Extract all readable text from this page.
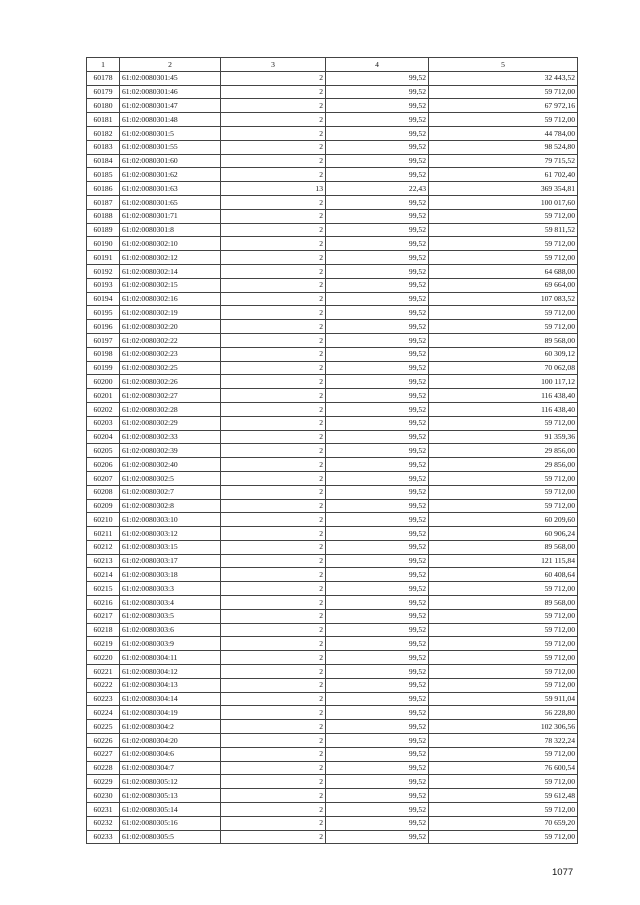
1	2	3	4	5
60178	61:02:0080301:45	2	99,52	32 443,52
60179	61:02:0080301:46	2	99,52	59 712,00
60180	61:02:0080301:47	2	99,52	67 972,16
60181	61:02:0080301:48	2	99,52	59 712,00
60182	61:02:0080301:5	2	99,52	44 784,00
60183	61:02:0080301:55	2	99,52	98 524,80
60184	61:02:0080301:60	2	99,52	79 715,52
60185	61:02:0080301:62	2	99,52	61 702,40
60186	61:02:0080301:63	13	22,43	369 354,81
60187	61:02:0080301:65	2	99,52	100 017,60
60188	61:02:0080301:71	2	99,52	59 712,00
60189	61:02:0080301:8	2	99,52	59 811,52
60190	61:02:0080302:10	2	99,52	59 712,00
60191	61:02:0080302:12	2	99,52	59 712,00
60192	61:02:0080302:14	2	99,52	64 688,00
60193	61:02:0080302:15	2	99,52	69 664,00
60194	61:02:0080302:16	2	99,52	107 083,52
60195	61:02:0080302:19	2	99,52	59 712,00
60196	61:02:0080302:20	2	99,52	59 712,00
60197	61:02:0080302:22	2	99,52	89 568,00
60198	61:02:0080302:23	2	99,52	60 309,12
60199	61:02:0080302:25	2	99,52	70 062,08
60200	61:02:0080302:26	2	99,52	100 117,12
60201	61:02:0080302:27	2	99,52	116 438,40
60202	61:02:0080302:28	2	99,52	116 438,40
60203	61:02:0080302:29	2	99,52	59 712,00
60204	61:02:0080302:33	2	99,52	91 359,36
60205	61:02:0080302:39	2	99,52	29 856,00
60206	61:02:0080302:40	2	99,52	29 856,00
60207	61:02:0080302:5	2	99,52	59 712,00
60208	61:02:0080302:7	2	99,52	59 712,00
60209	61:02:0080302:8	2	99,52	59 712,00
60210	61:02:0080303:10	2	99,52	60 209,60
60211	61:02:0080303:12	2	99,52	60 906,24
60212	61:02:0080303:15	2	99,52	89 568,00
60213	61:02:0080303:17	2	99,52	121 115,84
60214	61:02:0080303:18	2	99,52	60 408,64
60215	61:02:0080303:3	2	99,52	59 712,00
60216	61:02:0080303:4	2	99,52	89 568,00
60217	61:02:0080303:5	2	99,52	59 712,00
60218	61:02:0080303:6	2	99,52	59 712,00
60219	61:02:0080303:9	2	99,52	59 712,00
60220	61:02:0080304:11	2	99,52	59 712,00
60221	61:02:0080304:12	2	99,52	59 712,00
60222	61:02:0080304:13	2	99,52	59 712,00
60223	61:02:0080304:14	2	99,52	59 911,04
60224	61:02:0080304:19	2	99,52	56 228,80
60225	61:02:0080304:2	2	99,52	102 306,56
60226	61:02:0080304:20	2	99,52	78 322,24
60227	61:02:0080304:6	2	99,52	59 712,00
60228	61:02:0080304:7	2	99,52	76 600,54
60229	61:02:0080305:12	2	99,52	59 712,00
60230	61:02:0080305:13	2	99,52	59 612,48
60231	61:02:0080305:14	2	99,52	59 712,00
60232	61:02:0080305:16	2	99,52	70 659,20
60233	61:02:0080305:5	2	99,52	59 712,00
1077
